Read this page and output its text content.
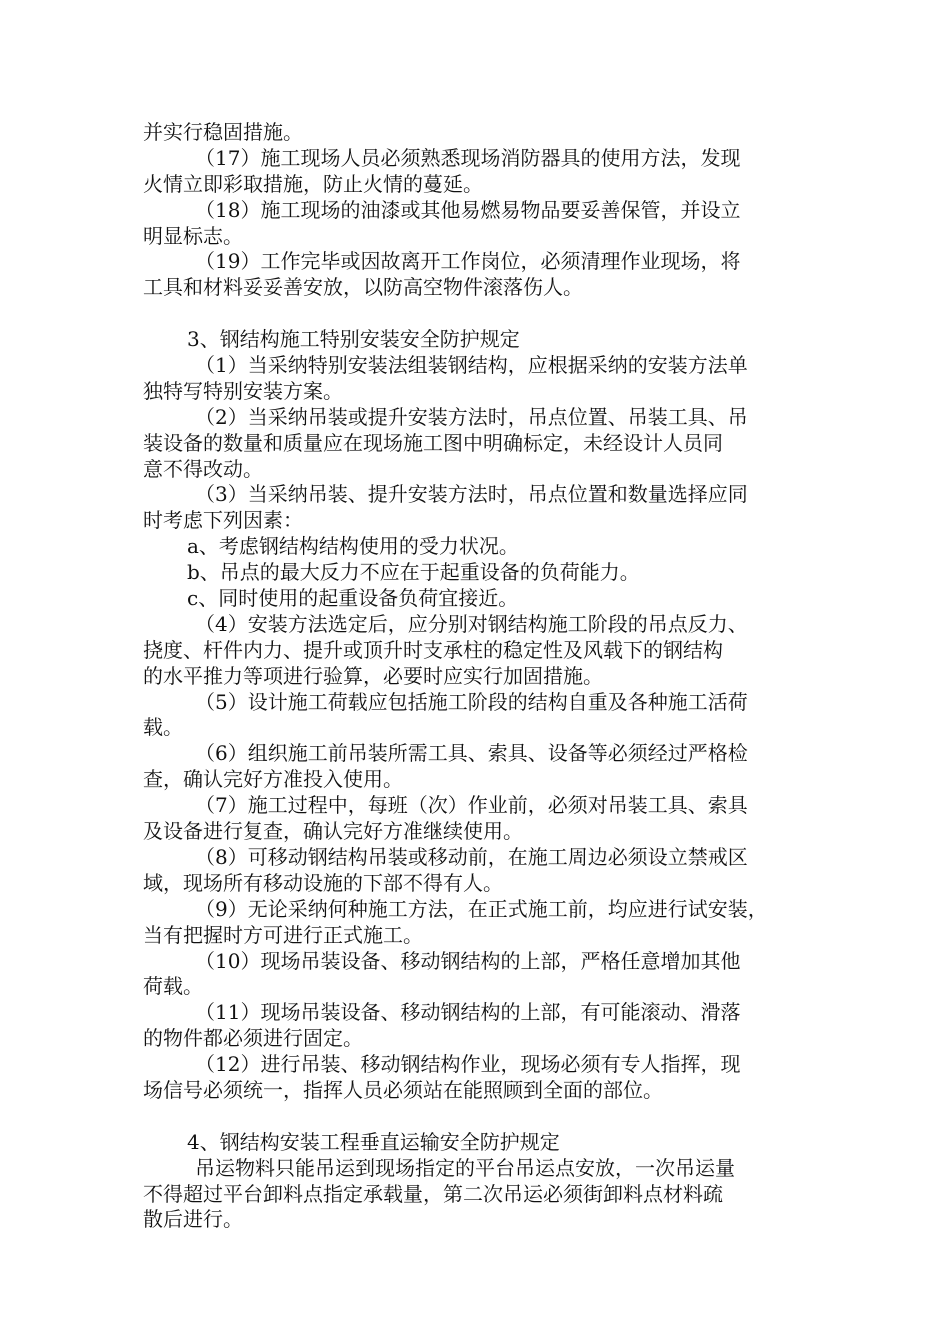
并实行稳固措施。
（17）施工现场人员必须熟悉现场消防器具的使用方法，发现
火情立即彩取措施，防止火情的蔓延。
（18）施工现场的油漆或其他易燃易物品要妥善保管，并设立
明显标志。
（19）工作完毕或因故离开工作岗位，必须清理作业现场，将
工具和材料妥妥善安放，以防高空物件滚落伤人。
3、钢结构施工特别安装安全防护规定
（1）当采纳特别安装法组装钢结构，应根据采纳的安装方法单
独特写特别安装方案。
（2）当采纳吊装或提升安装方法时，吊点位置、吊装工具、吊
装设备的数量和质量应在现场施工图中明确标定，未经设计人员同
意不得改动。
（3）当采纳吊装、提升安装方法时，吊点位置和数量选择应同
时考虑下列因素：
a、考虑钢结构结构使用的受力状况。
b、吊点的最大反力不应在于起重设备的负荷能力。
c、同时使用的起重设备负荷宜接近。
（4）安装方法选定后，应分别对钢结构施工阶段的吊点反力、
挠度、杆件内力、提升或顶升时支承柱的稳定性及风载下的钢结构
的水平推力等项进行验算，必要时应实行加固措施。
（5）设计施工荷载应包括施工阶段的结构自重及各种施工活荷
载。
（6）组织施工前吊装所需工具、索具、设备等必须经过严格检
查，确认完好方准投入使用。
（7）施工过程中，每班（次）作业前，必须对吊装工具、索具
及设备进行复查，确认完好方准继续使用。
（8）可移动钢结构吊装或移动前，在施工周边必须设立禁戒区
域，现场所有移动设施的下部不得有人。
（9）无论采纳何种施工方法，在正式施工前，均应进行试安装，
当有把握时方可进行正式施工。
（10）现场吊装设备、移动钢结构的上部，严格任意增加其他
荷载。
（11）现场吊装设备、移动钢结构的上部，有可能滚动、滑落
的物件都必须进行固定。
（12）进行吊装、移动钢结构作业，现场必须有专人指挥，现
场信号必须统一，指挥人员必须站在能照顾到全面的部位。
4、钢结构安装工程垂直运输安全防护规定
吊运物料只能吊运到现场指定的平台吊运点安放，一次吊运量
不得超过平台卸料点指定承载量，第二次吊运必须街卸料点材料疏
散后进行。
